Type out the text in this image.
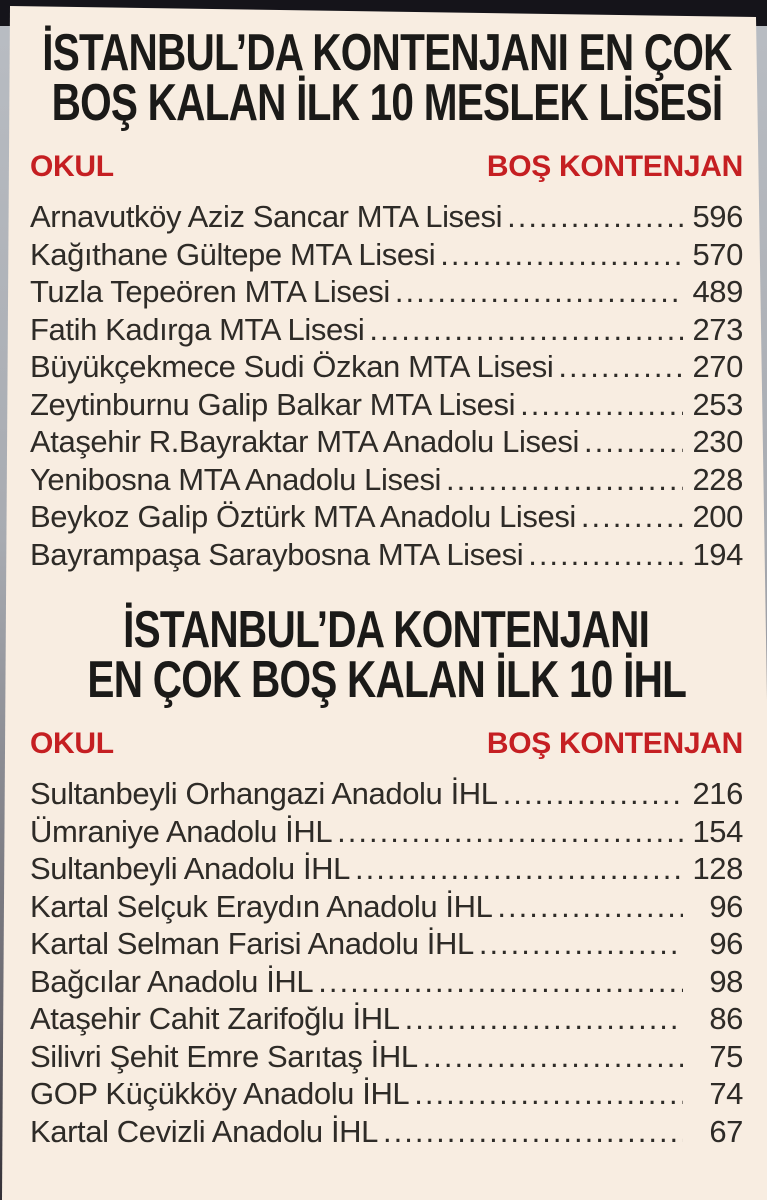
İSTANBUL’DA KONTENJANI EN ÇOK
BOŞ KALAN İLK 10 MESLEK LİSESİ
OKUL	BOŞ KONTENJAN
Arnavutköy Aziz Sancar MTA Lisesi .....	596
Kağıthane Gültepe MTA Lisesi .....	570
Tuzla Tepeören MTA Lisesi .....	489
Fatih Kadırga MTA Lisesi .....	273
Büyükçekmece Sudi Özkan MTA Lisesi .....	270
Zeytinburnu Galip Balkar MTA Lisesi .....	253
Ataşehir R.Bayraktar MTA Anadolu Lisesi .....	230
Yenibosna MTA Anadolu Lisesi .....	228
Beykoz Galip Öztürk MTA Anadolu Lisesi .....	200
Bayrampaşa Saraybosna MTA Lisesi .....	194
İSTANBUL’DA KONTENJANI
EN ÇOK BOŞ KALAN İLK 10 İHL
OKUL	BOŞ KONTENJAN
Sultanbeyli Orhangazi Anadolu İHL .....	216
Ümraniye Anadolu İHL .....	154
Sultanbeyli Anadolu İHL .....	128
Kartal Selçuk Eraydın Anadolu İHL .....	96
Kartal Selman Farisi Anadolu İHL .....	96
Bağcılar Anadolu İHL .....	98
Ataşehir Cahit Zarifoğlu İHL .....	86
Silivri Şehit Emre Sarıtaş İHL .....	75
GOP Küçükköy Anadolu İHL .....	74
Kartal Cevizli Anadolu İHL .....	67
